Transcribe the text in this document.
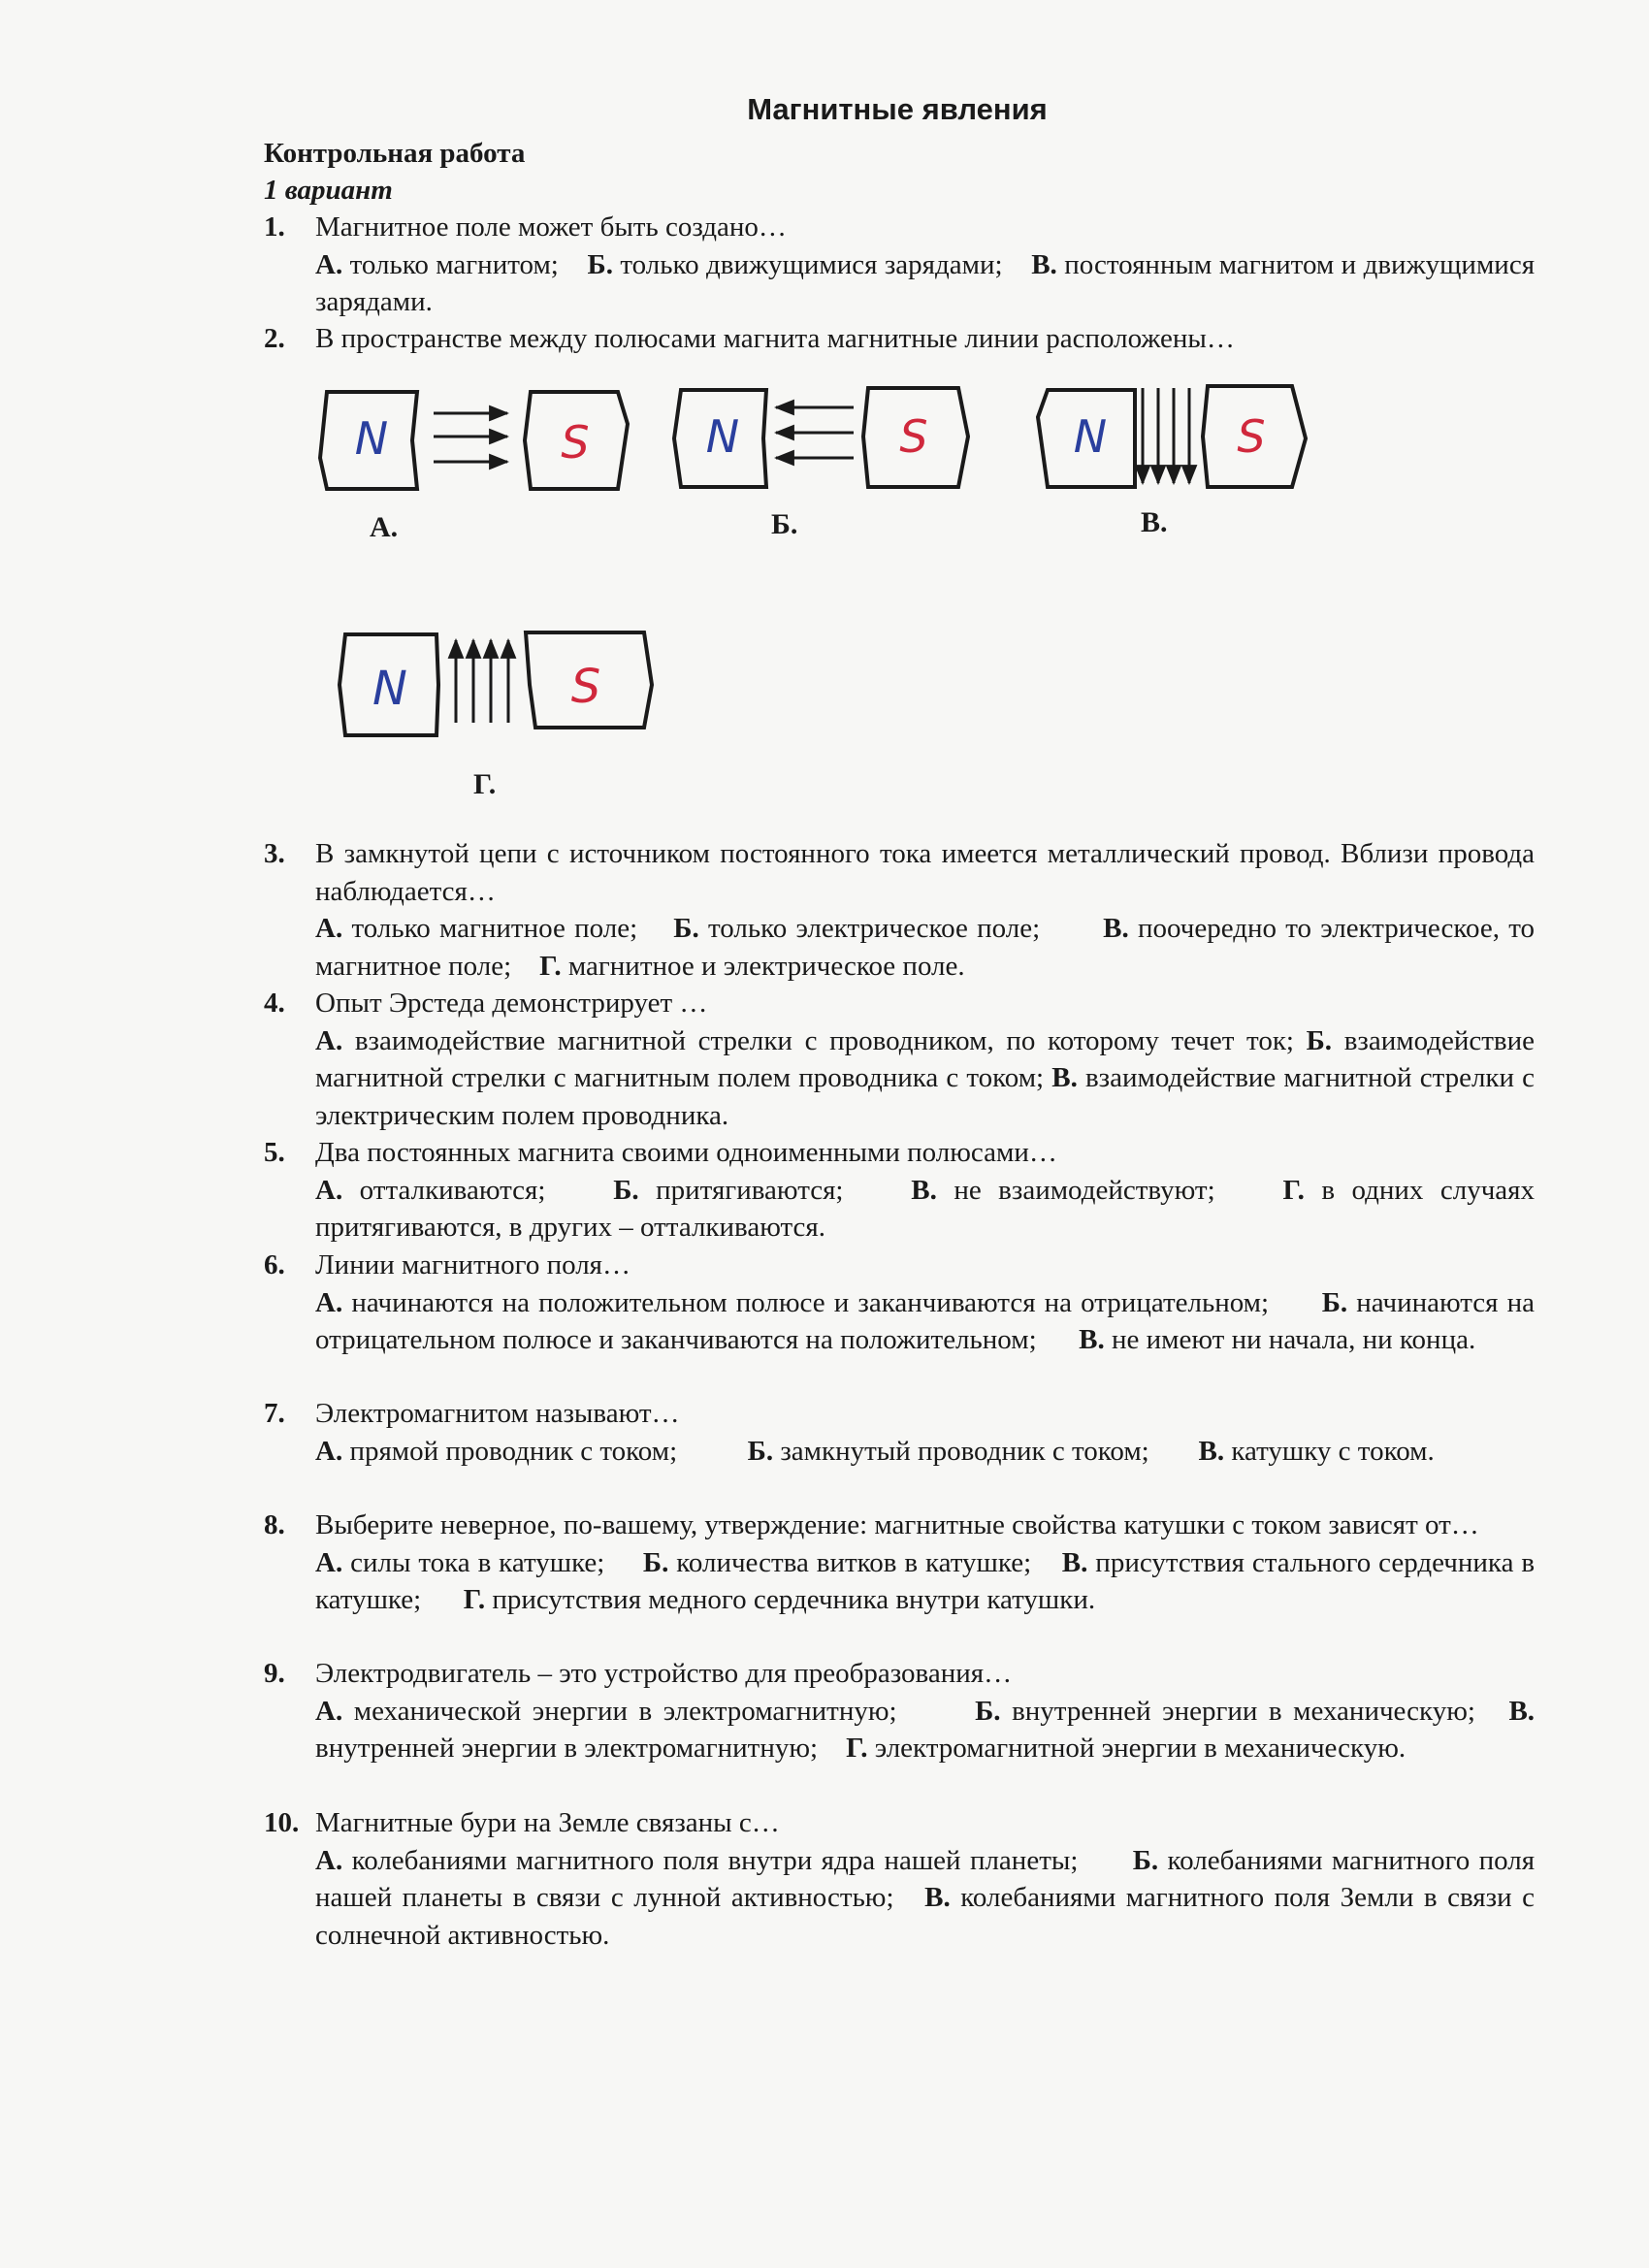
Магнитные явления
Контрольная работа
1 вариант
1.	Магнитное поле может быть создано…
А. только магнитом; Б. только движущимися зарядами; В. постоянным магнитом и движущимися зарядами.
2.	В пространстве между полюсами магнита магнитные линии расположены…
N	S
А.
N	S
Б.
N	S
В.
N	S
Г.
3.	В замкнутой цепи с источником постоянного тока имеется металлический провод. Вблизи провода наблюдается…
А. только магнитное поле; Б. только электрическое поле; В. поочередно то электрическое, то магнитное поле; Г. магнитное и электрическое поле.
4.	Опыт Эрстеда демонстрирует …
А. взаимодействие магнитной стрелки с проводником, по которому течет ток; Б. взаимодействие магнитной стрелки с магнитным полем проводника с током; В. взаимодействие магнитной стрелки с электрическим полем проводника.
5.	Два постоянных магнита своими одноименными полюсами…
А. отталкиваются; Б. притягиваются; В. не взаимодействуют; Г. в одних случаях притягиваются, в других – отталкиваются.
6.	Линии магнитного поля…
А. начинаются на положительном полюсе и заканчиваются на отрицательном; Б. начинаются на отрицательном полюсе и заканчиваются на положительном; В. не имеют ни начала, ни конца.
7.	Электромагнитом называют…
А. прямой проводник с током;	Б. замкнутый проводник с током; В. катушку с током.
8.	Выберите неверное, по-вашему, утверждение: магнитные свойства катушки с током зависят от…
А. силы тока в катушке; Б. количества витков в катушке; В. присутствия стального сердечника в катушке; Г. присутствия медного сердечника внутри катушки.
9.	Электродвигатель – это устройство для преобразования…
А. механической энергии в электромагнитную;	Б. внутренней энергии в механическую; В. внутренней энергии в электромагнитную; Г. электромагнитной энергии в механическую.
10. Магнитные бури на Земле связаны с…
А. колебаниями магнитного поля внутри ядра нашей планеты; Б. колебаниями магнитного поля нашей планеты в связи с лунной активностью; В. колебаниями магнитного поля Земли в связи с солнечной активностью.
